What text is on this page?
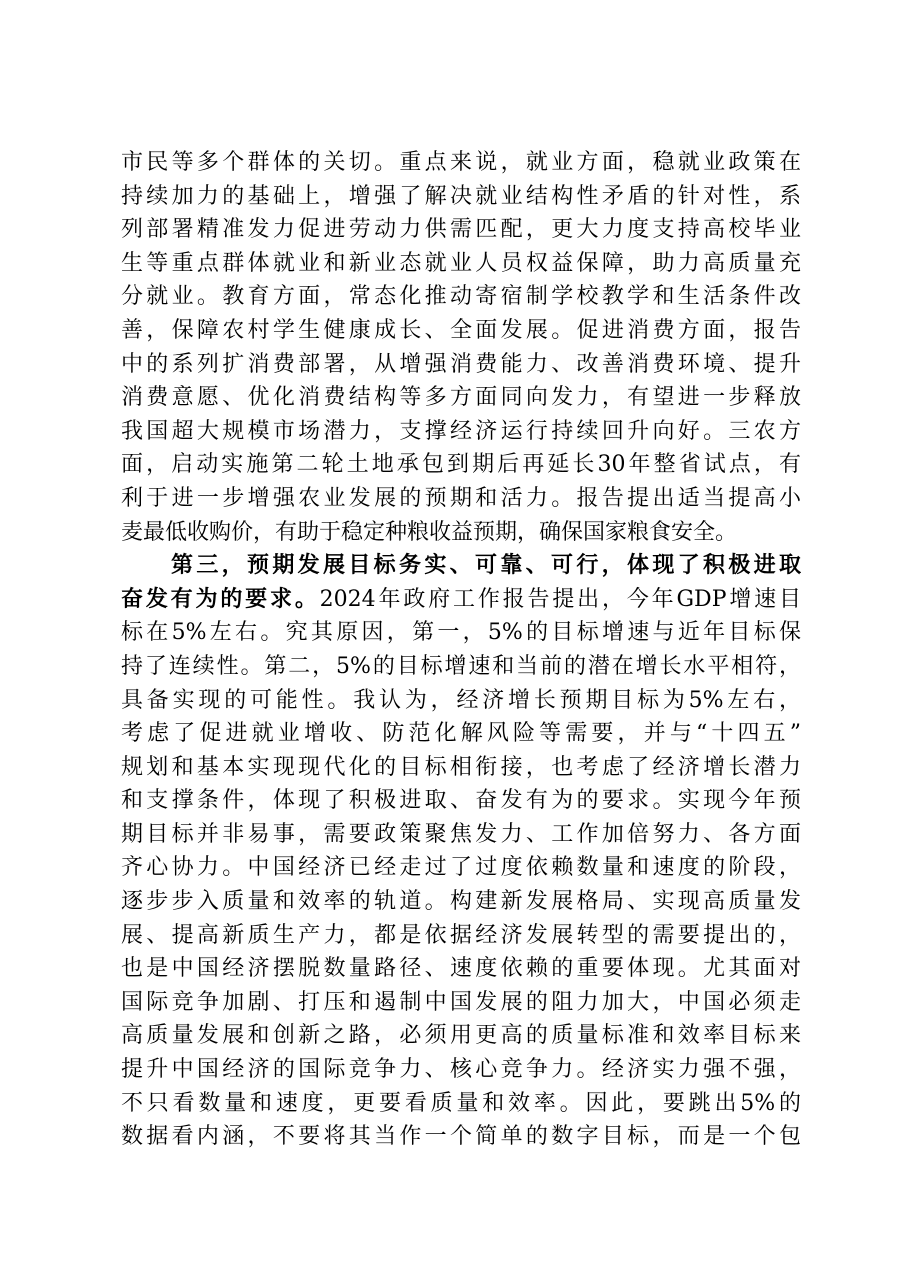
市民等多个群体的关切。重点来说，就业方面，稳就业政策在
持续加力的基础上，增强了解决就业结构性矛盾的针对性，系
列部署精准发力促进劳动力供需匹配，更大力度支持高校毕业
生等重点群体就业和新业态就业人员权益保障，助力高质量充
分就业。教育方面，常态化推动寄宿制学校教学和生活条件改
善，保障农村学生健康成长、全面发展。促进消费方面，报告
中的系列扩消费部署，从增强消费能力、改善消费环境、提升
消费意愿、优化消费结构等多方面同向发力，有望进一步释放
我国超大规模市场潜力，支撑经济运行持续回升向好。三农方
面，启动实施第二轮土地承包到期后再延长30年整省试点，有
利于进一步增强农业发展的预期和活力。报告提出适当提高小
麦最低收购价，有助于稳定种粮收益预期，确保国家粮食安全。
第三，预期发展目标务实、可靠、可行，体现了积极进取
奋发有为的要求。2024年政府工作报告提出，今年GDP增速目
标在5%左右。究其原因，第一，5%的目标增速与近年目标保
持了连续性。第二，5%的目标增速和当前的潜在增长水平相符，
具备实现的可能性。我认为，经济增长预期目标为5%左右，
考虑了促进就业增收、防范化解风险等需要，并与“十四五”
规划和基本实现现代化的目标相衔接，也考虑了经济增长潜力
和支撑条件，体现了积极进取、奋发有为的要求。实现今年预
期目标并非易事，需要政策聚焦发力、工作加倍努力、各方面
齐心协力。中国经济已经走过了过度依赖数量和速度的阶段，
逐步步入质量和效率的轨道。构建新发展格局、实现高质量发
展、提高新质生产力，都是依据经济发展转型的需要提出的，
也是中国经济摆脱数量路径、速度依赖的重要体现。尤其面对
国际竞争加剧、打压和遏制中国发展的阻力加大，中国必须走
高质量发展和创新之路，必须用更高的质量标准和效率目标来
提升中国经济的国际竞争力、核心竞争力。经济实力强不强，
不只看数量和速度，更要看质量和效率。因此，要跳出5%的
数据看内涵，不要将其当作一个简单的数字目标，而是一个包
